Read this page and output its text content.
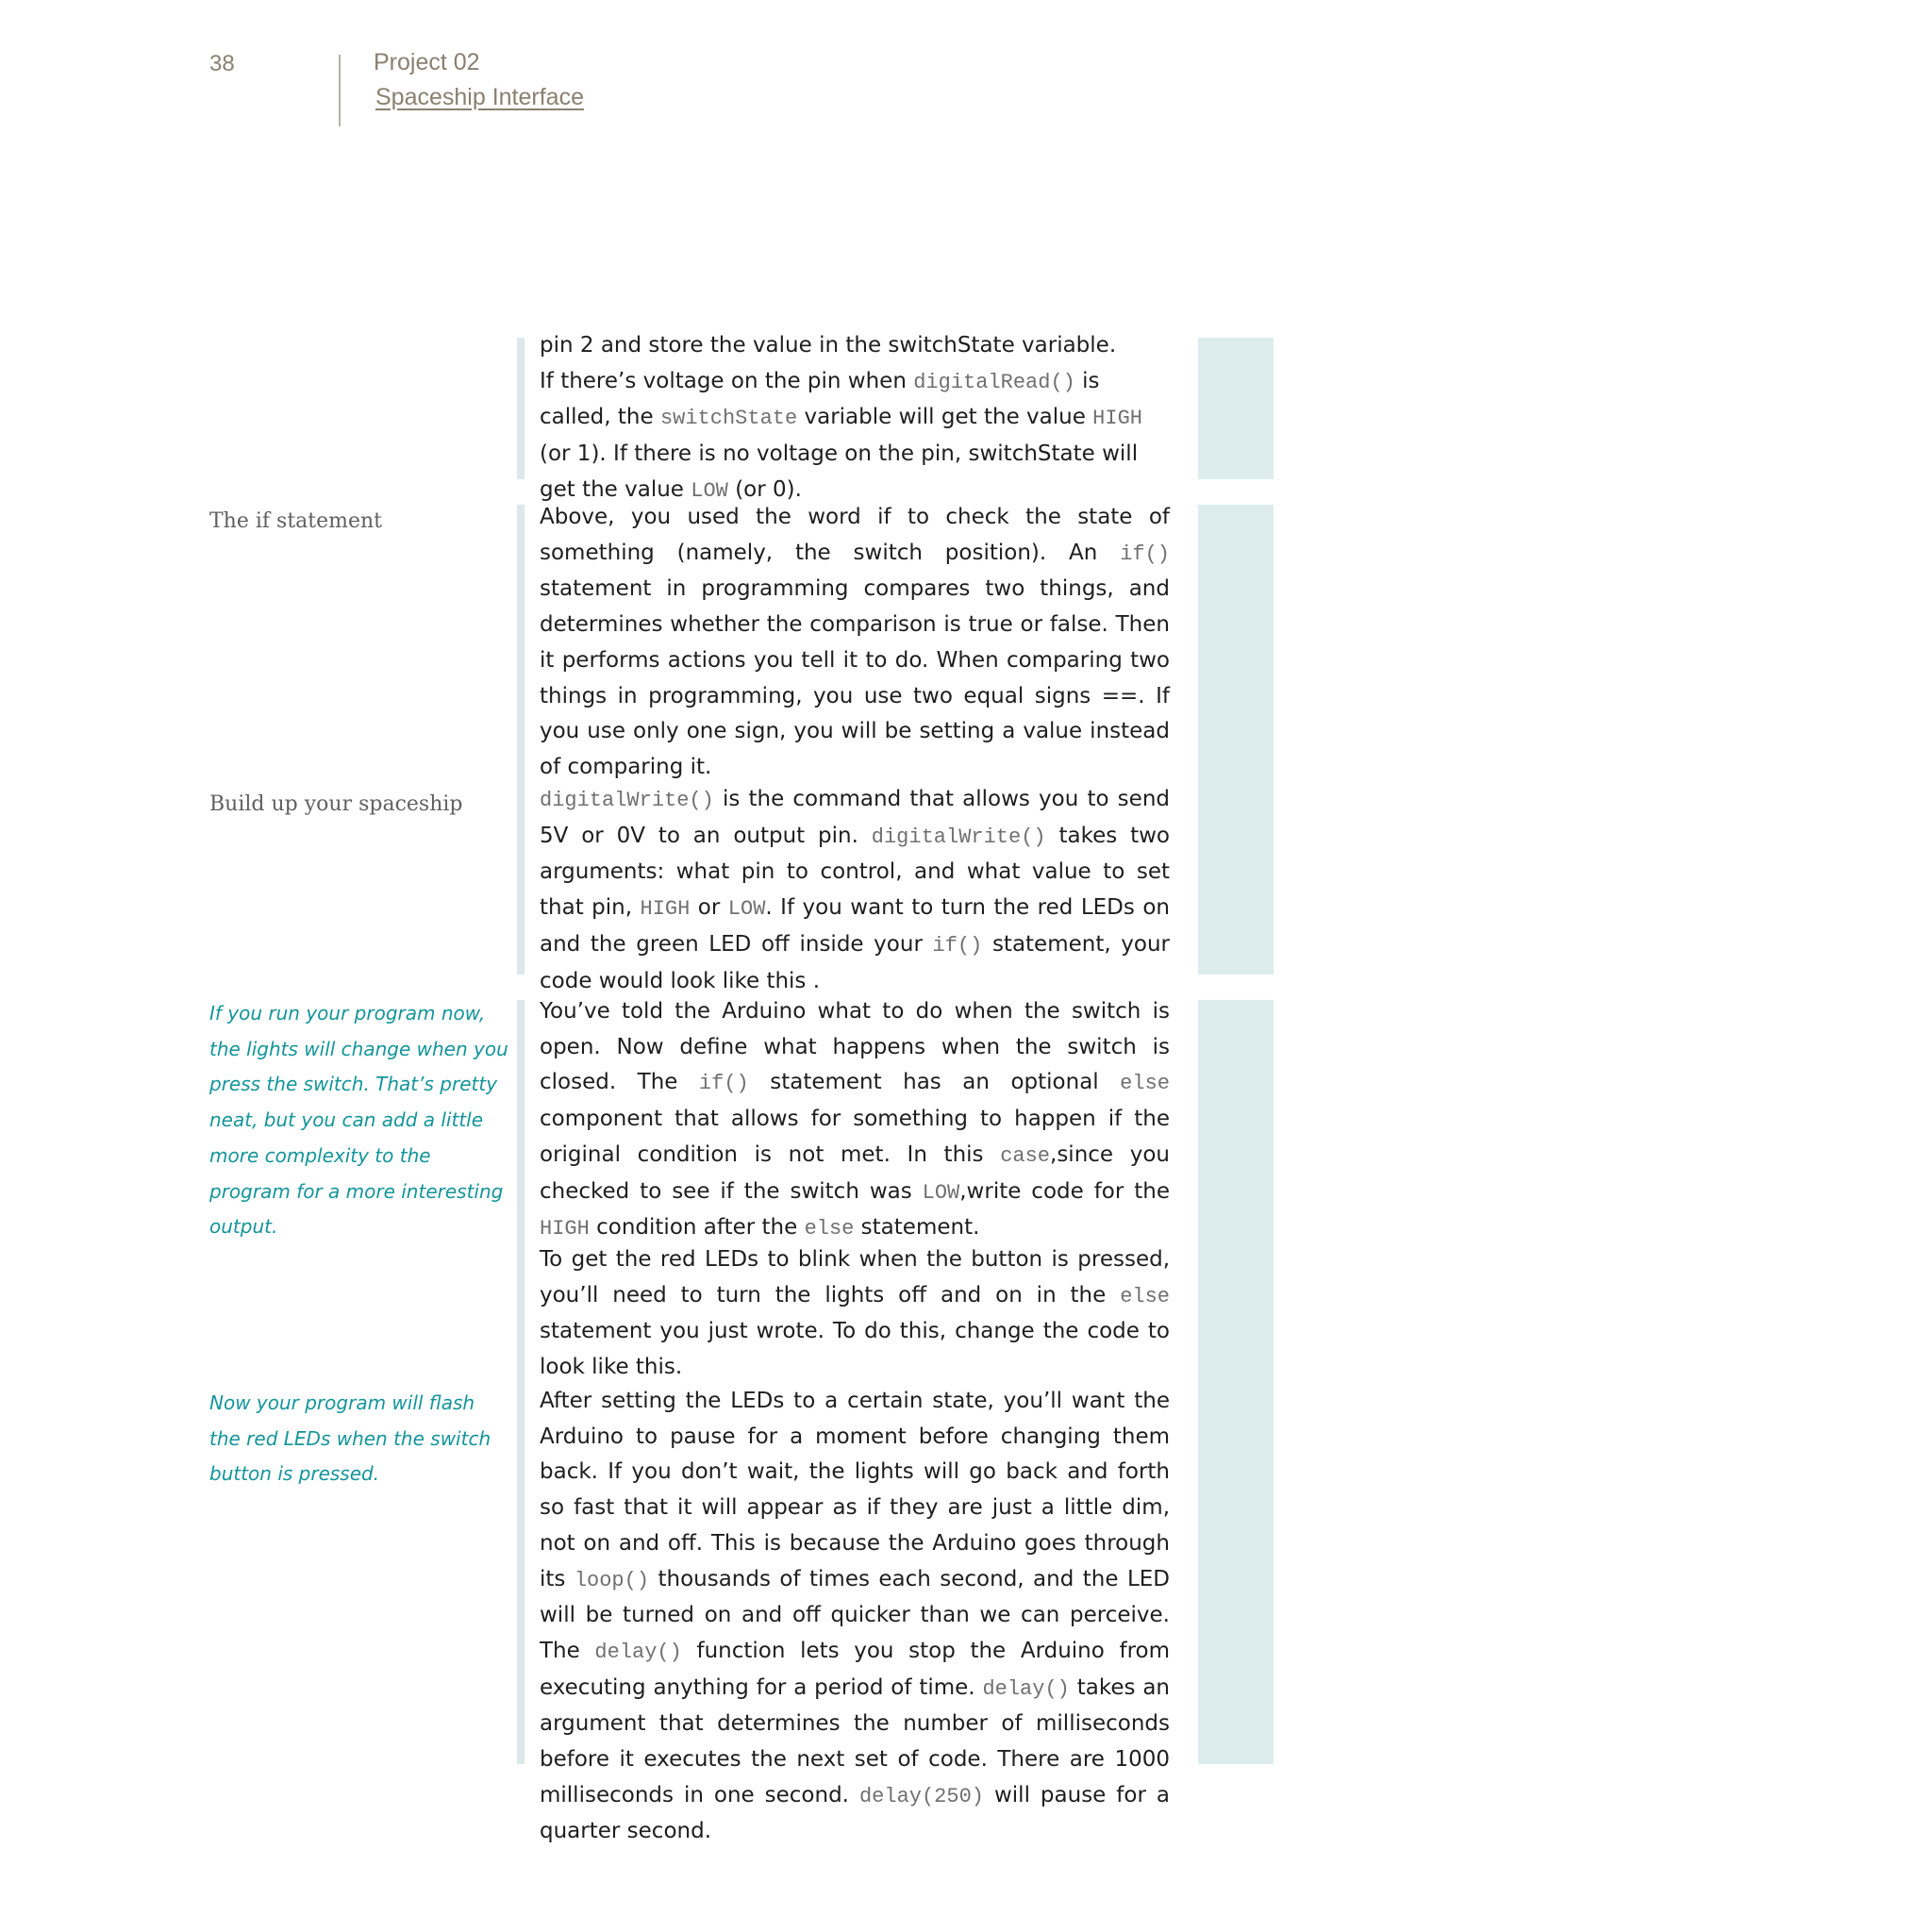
38	Project 02
Spaceship Interface
The if statement
Build up your spaceship
If you run your program now, the lights will change when you press the switch. That’s pretty neat, but you can add a little more complexity to the program for a more interesting output.
Now your program will flash the red LEDs when the switch button is pressed.
pin 2 and store the value in the switchState variable.
If there’s voltage on the pin when digitalRead() is called, the switchState variable will get the value HIGH (or 1). If there is no voltage on the pin, switchState will get the value LOW (or 0).
Above, you used the word if to check the state of something (namely, the switch position). An if() statement in programming compares two things, and determines whether the comparison is true or false. Then it performs actions you tell it to do. When comparing two things in programming, you use two equal signs ==. If you use only one sign, you will be setting a value instead of comparing it.
digitalWrite() is the command that allows you to send 5V or 0V to an output pin. digitalWrite() takes two arguments: what pin to control, and what value to set that pin, HIGH or LOW. If you want to turn the red LEDs on and the green LED off inside your if() statement, your code would look like this .
You’ve told the Arduino what to do when the switch is open. Now define what happens when the switch is closed. The if() statement has an optional else component that allows for something to happen if the original condition is not met. In this case,since you checked to see if the switch was LOW,write code for the HIGH condition after the else statement.
To get the red LEDs to blink when the button is pressed, you’ll need to turn the lights off and on in the else statement you just wrote. To do this, change the code to look like this.
After setting the LEDs to a certain state, you’ll want the Arduino to pause for a moment before changing them back. If you don’t wait, the lights will go back and forth so fast that it will appear as if they are just a little dim, not on and off. This is because the Arduino goes through its loop() thousands of times each second, and the LED will be turned on and off quicker than we can perceive. The delay() function lets you stop the Arduino from executing anything for a period of time. delay() takes an argument that determines the number of milliseconds before it executes the next set of code. There are 1000 milliseconds in one second. delay(250) will pause for a quarter second.
